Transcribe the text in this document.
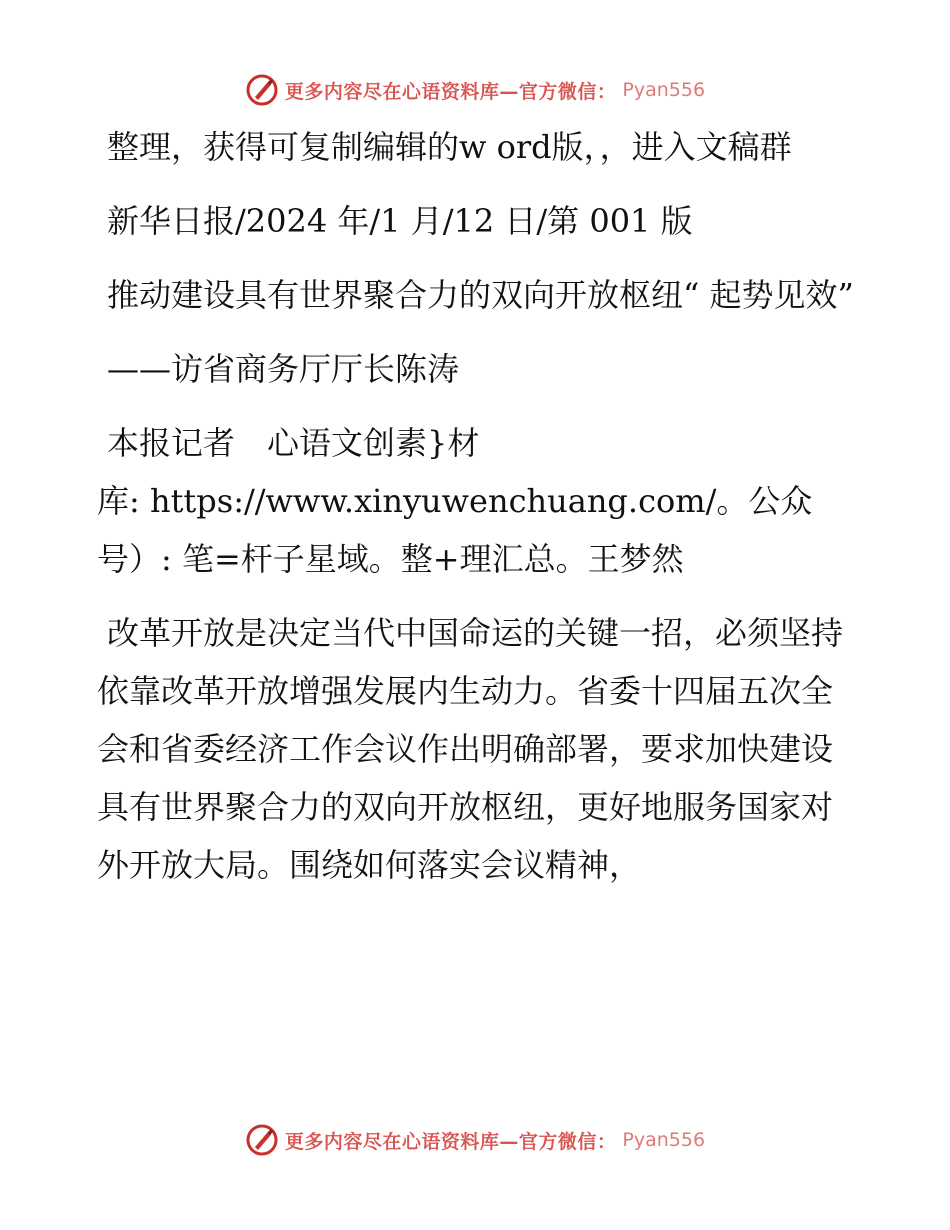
更多内容尽在心语资料库—官方微信： Pyan556

整理，获得可复制编辑的w ord版，，进入文稿群

新华日报/2024 年/1 月/12 日/第 001 版

推动建设具有世界聚合力的双向开放枢纽“ 起势见效”

——访省商务厅厅长陈涛

本报记者　心语文创素}材

库: https://www.xinyuwenchuang.com/。公众号）: 笔=杆子星域。整+理汇总。王梦然

改革开放是决定当代中国命运的关键一招，必须坚持依靠改革开放增强发展内生动力。省委十四届五次全会和省委经济工作会议作出明确部署，要求加快建设具有世界聚合力的双向开放枢纽，更好地服务国家对外开放大局。围绕如何落实会议精神，

更多内容尽在心语资料库—官方微信： Pyan556
